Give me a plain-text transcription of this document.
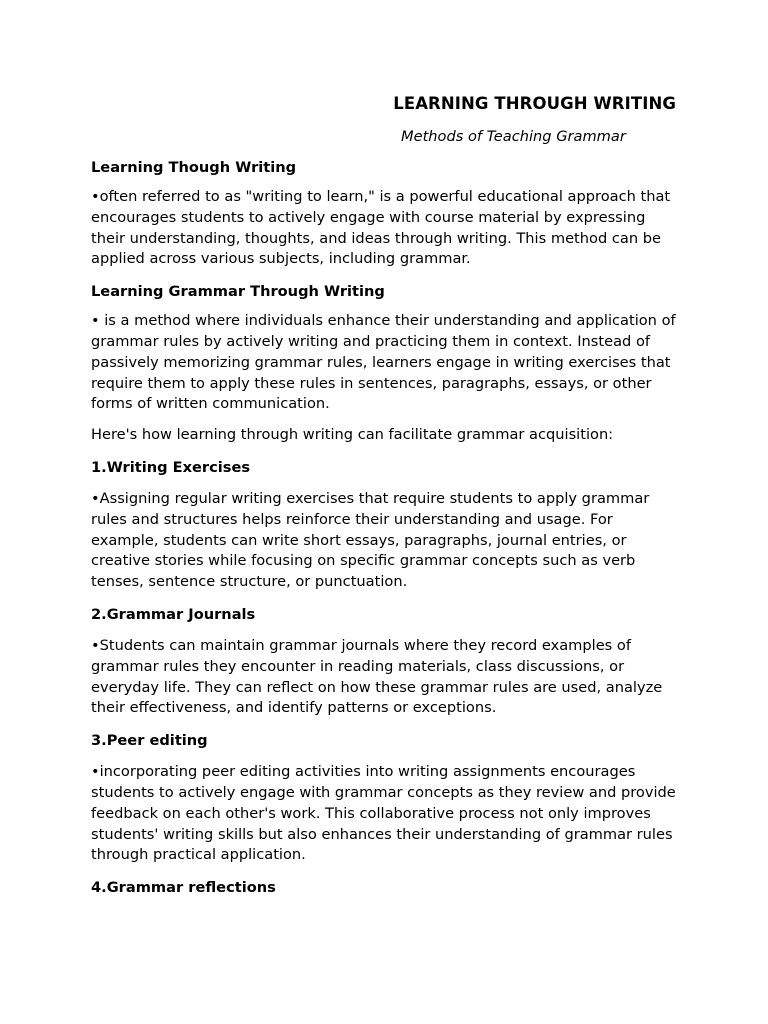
LEARNING THROUGH WRITING

Methods of Teaching Grammar

Learning Though Writing

•often referred to as "writing to learn," is a powerful educational approach that encourages students to actively engage with course material by expressing their understanding, thoughts, and ideas through writing. This method can be applied across various subjects, including grammar.

Learning Grammar Through Writing

• is a method where individuals enhance their understanding and application of grammar rules by actively writing and practicing them in context. Instead of passively memorizing grammar rules, learners engage in writing exercises that require them to apply these rules in sentences, paragraphs, essays, or other forms of written communication.

Here's how learning through writing can facilitate grammar acquisition:

1.Writing Exercises

•Assigning regular writing exercises that require students to apply grammar rules and structures helps reinforce their understanding and usage. For example, students can write short essays, paragraphs, journal entries, or creative stories while focusing on specific grammar concepts such as verb tenses, sentence structure, or punctuation.

2.Grammar Journals

•Students can maintain grammar journals where they record examples of grammar rules they encounter in reading materials, class discussions, or everyday life. They can reflect on how these grammar rules are used, analyze their effectiveness, and identify patterns or exceptions.

3.Peer editing

•incorporating peer editing activities into writing assignments encourages students to actively engage with grammar concepts as they review and provide feedback on each other's work. This collaborative process not only improves students' writing skills but also enhances their understanding of grammar rules through practical application.

4.Grammar reflections
